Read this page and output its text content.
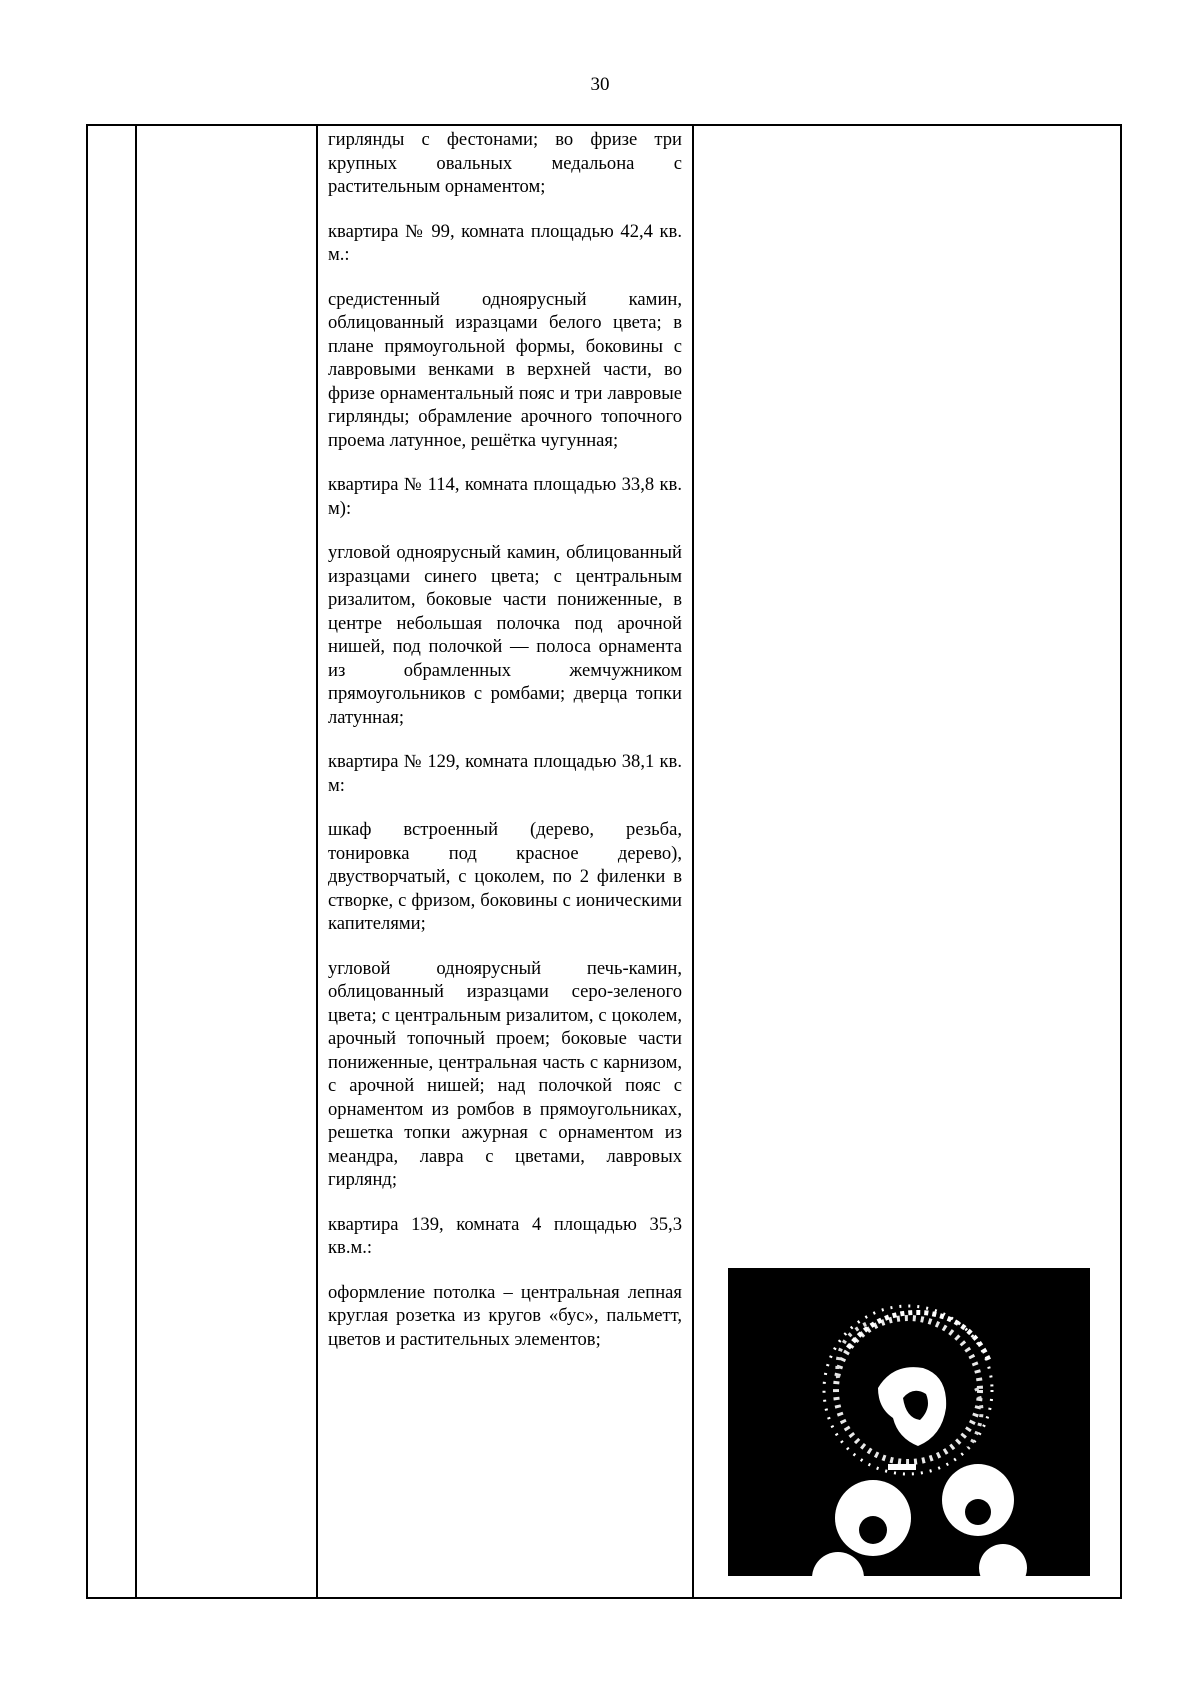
30

гирлянды с фестонами; во фризе три крупных овальных медальона с растительным орнаментом;

квартира № 99, комната площадью 42,4 кв. м.:

средистенный одноярусный камин, облицованный изразцами белого цвета; в плане прямоугольной формы, боковины с лавровыми венками в верхней части, во фризе орнаментальный пояс и три лавровые гирлянды; обрамление арочного топочного проема латунное, решётка чугунная;

квартира № 114, комната площадью 33,8 кв. м):

угловой одноярусный камин, облицованный изразцами синего цвета; с центральным ризалитом, боковые части пониженные, в центре небольшая полочка под арочной нишей, под полочкой — полоса орнамента из обрамленных жемчужником прямоугольников с ромбами; дверца топки латунная;

квартира № 129, комната площадью 38,1 кв. м:

шкаф встроенный (дерево, резьба, тонировка под красное дерево), двустворчатый, с цоколем, по 2 филенки в створке, с фризом, боковины с ионическими капителями;

угловой одноярусный печь-камин, облицованный изразцами серо-зеленого цвета; с центральным ризалитом, с цоколем, арочный топочный проем; боковые части пониженные, центральная часть с карнизом, с арочной нишей; над полочкой пояс с орнаментом из ромбов в прямоугольниках, решетка топки ажурная с орнаментом из меандра, лавра с цветами, лавровых гирлянд;

квартира 139, комната 4 площадью 35,3 кв.м.:

оформление потолка – центральная лепная круглая розетка из кругов «бус», пальметт, цветов и растительных элементов;
